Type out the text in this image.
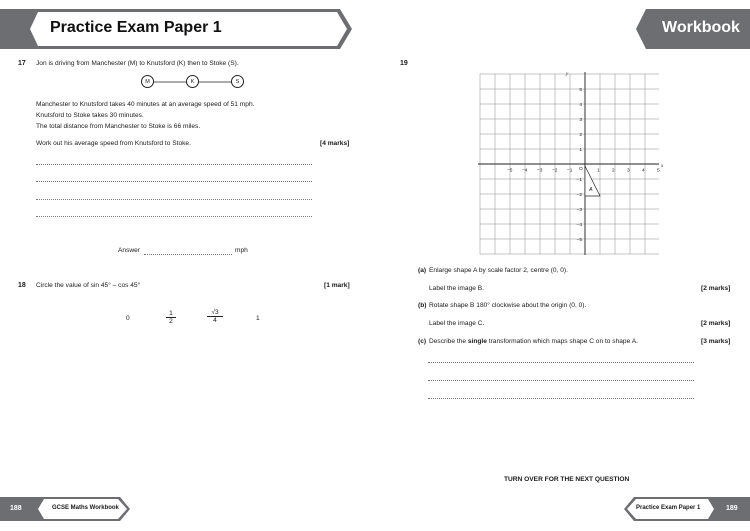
Practice Exam Paper 1	Workbook
17 Jon is driving from Manchester (M) to Knutsford (K) then to Stoke (S).
M	K	S
Manchester to Knutsford takes 40 minutes at an average speed of 51 mph.
Knutsford to Stoke takes 30 minutes.
The total distance from Manchester to Stoke is 66 miles.
Work out his average speed from Knutsford to Stoke.	[4 marks]
Answer	mph
18 Circle the value of sin 45° – cos 45°	[1 mark]
0	$\frac{1}{2}$	$\frac{√3}{4}$	1
19
−5 −4 −3 −2 −1	1	2	3	4	5
5
4
3
2
1
−1
−2
−3
−4
−5
O
x
y
A
(a) Enlarge shape A by scale factor 2, centre (0, 0).
Label the image B.	[2 marks]
(b) Rotate shape B 180° clockwise about the origin (0, 0).
Label the image C.	[2 marks]
(c) Describe the single transformation which maps shape C on to shape A.	[3 marks]
TURN OVER FOR THE NEXT QUESTION
188	GCSE Maths Workbook	Practice Exam Paper 1	189
